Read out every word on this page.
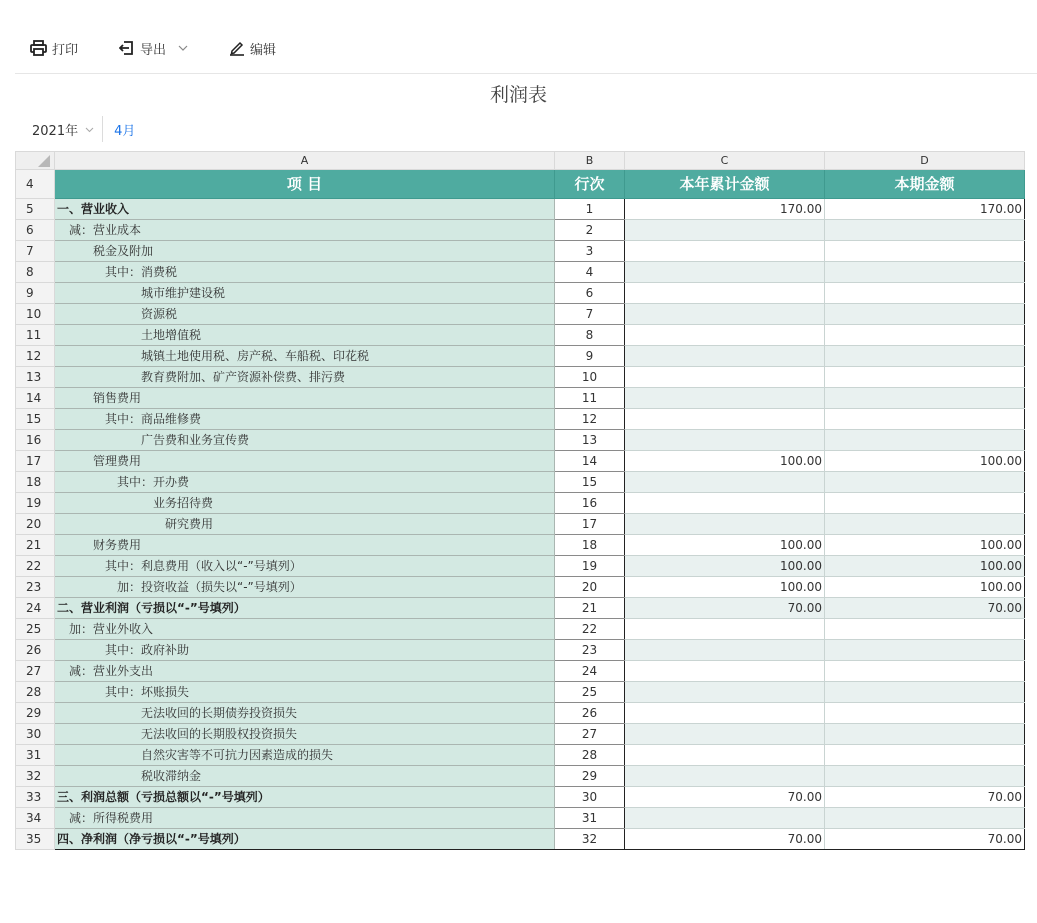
打印	导出	编辑
利润表
2021年	4月
	A	B	C	D
4	项 目	行次	本年累计金额	本期金额
5	一、营业收入	1	170.00	170.00
6	减：营业成本	2		
7	税金及附加	3		
8	其中：消费税	4		
9	城市维护建设税	6		
10	资源税	7		
11	土地增值税	8		
12	城镇土地使用税、房产税、车船税、印花税	9		
13	教育费附加、矿产资源补偿费、排污费	10		
14	销售费用	11		
15	其中：商品维修费	12		
16	广告费和业务宣传费	13		
17	管理费用	14	100.00	100.00
18	其中：开办费	15		
19	业务招待费	16		
20	研究费用	17		
21	财务费用	18	100.00	100.00
22	其中：利息费用（收入以“-”号填列）	19	100.00	100.00
23	加：投资收益（损失以“-”号填列）	20	100.00	100.00
24	二、营业利润（亏损以“-”号填列）	21	70.00	70.00
25	加：营业外收入	22		
26	其中：政府补助	23		
27	减：营业外支出	24		
28	其中：坏账损失	25		
29	无法收回的长期债券投资损失	26		
30	无法收回的长期股权投资损失	27		
31	自然灾害等不可抗力因素造成的损失	28		
32	税收滞纳金	29		
33	三、利润总额（亏损总额以“-”号填列）	30	70.00	70.00
34	减：所得税费用	31		
35	四、净利润（净亏损以“-”号填列）	32	70.00	70.00
